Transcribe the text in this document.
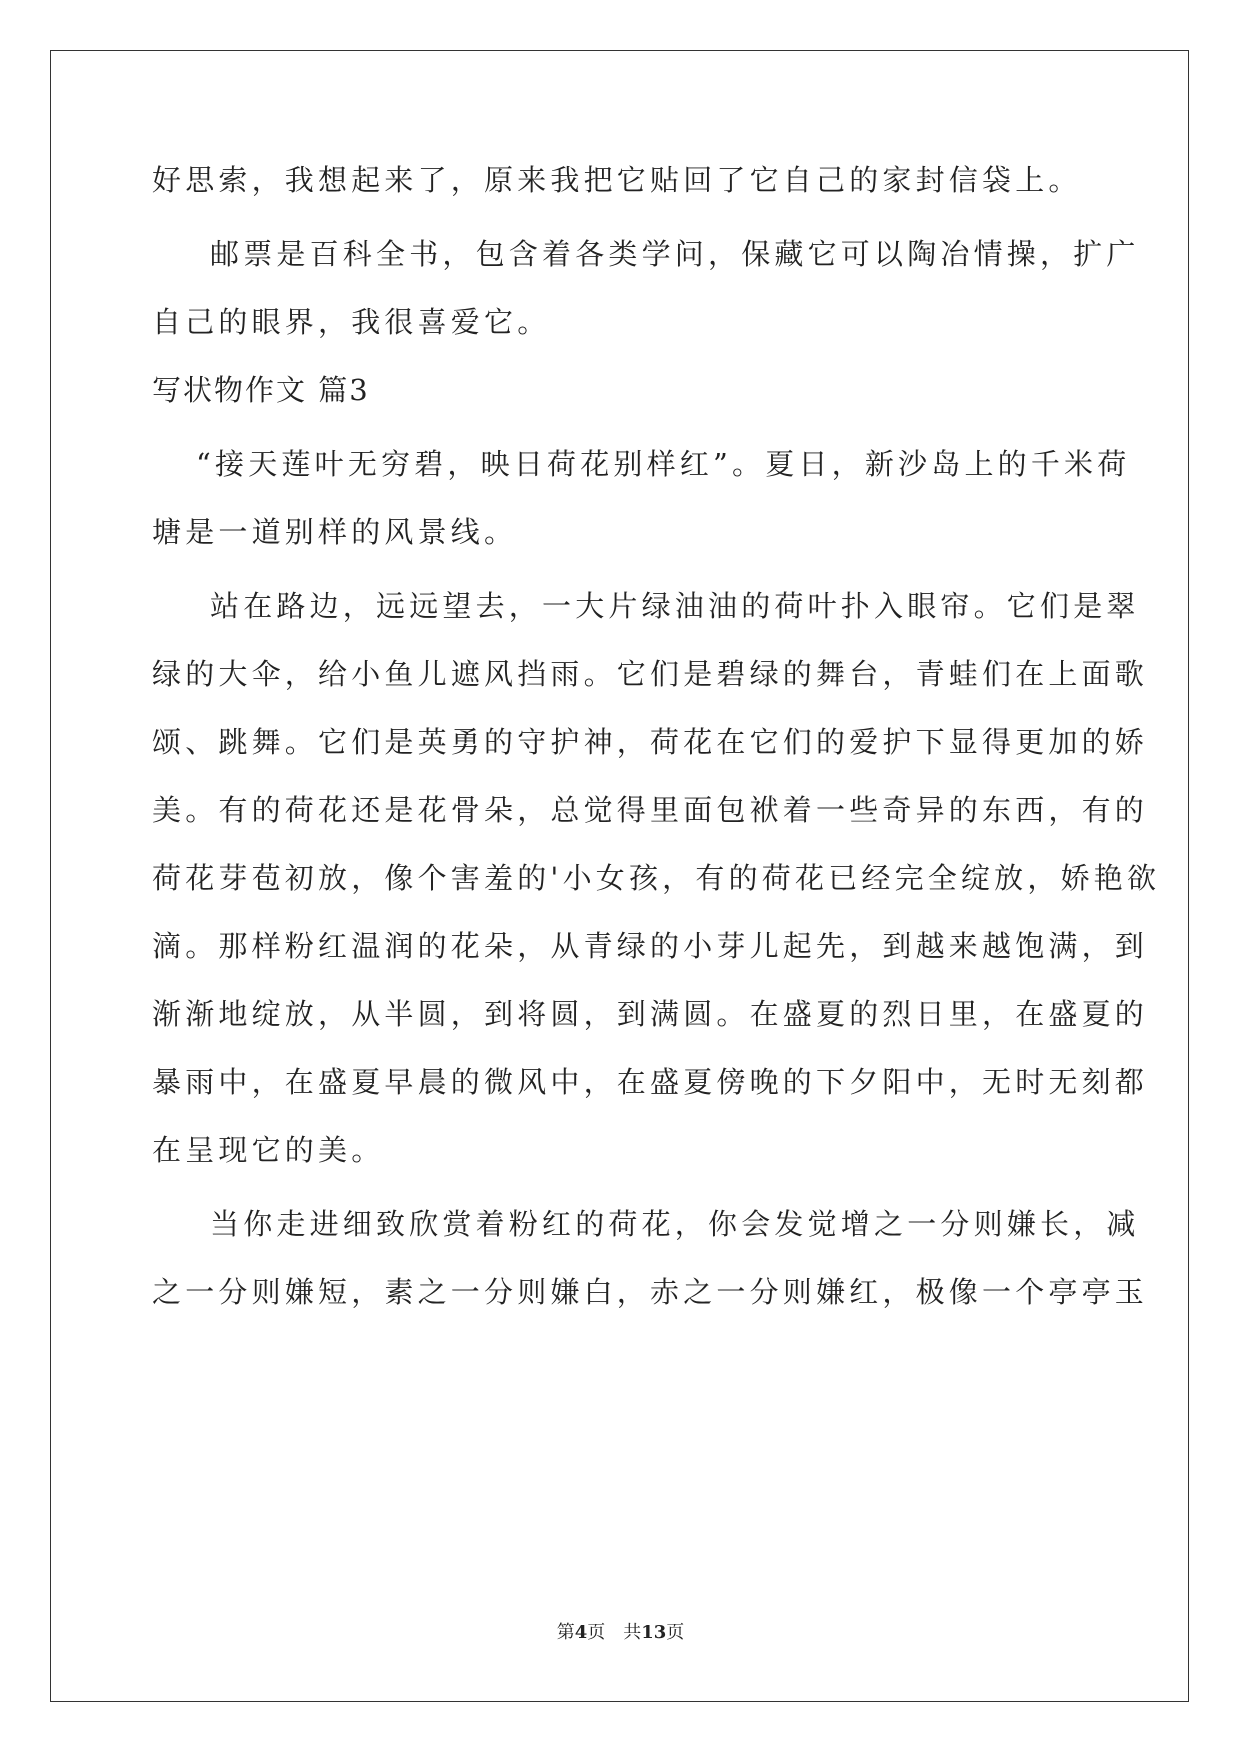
好思索，我想起来了，原来我把它贴回了它自己的家封信袋上。
邮票是百科全书，包含着各类学问，保藏它可以陶冶情操，扩广
自己的眼界，我很喜爱它。
写状物作文 篇3
“接天莲叶无穷碧，映日荷花别样红”。夏日，新沙岛上的千米荷
塘是一道别样的风景线。
站在路边，远远望去，一大片绿油油的荷叶扑入眼帘。它们是翠
绿的大伞，给小鱼儿遮风挡雨。它们是碧绿的舞台，青蛙们在上面歌
颂、跳舞。它们是英勇的守护神，荷花在它们的爱护下显得更加的娇
美。有的荷花还是花骨朵，总觉得里面包袱着一些奇异的东西，有的
荷花芽苞初放，像个害羞的'小女孩，有的荷花已经完全绽放，娇艳欲
滴。那样粉红温润的花朵，从青绿的小芽儿起先，到越来越饱满，到
渐渐地绽放，从半圆，到将圆，到满圆。在盛夏的烈日里，在盛夏的
暴雨中，在盛夏早晨的微风中，在盛夏傍晚的下夕阳中，无时无刻都
在呈现它的美。
当你走进细致欣赏着粉红的荷花，你会发觉增之一分则嫌长，减
之一分则嫌短，素之一分则嫌白，赤之一分则嫌红，极像一个亭亭玉
第4页 共13页
